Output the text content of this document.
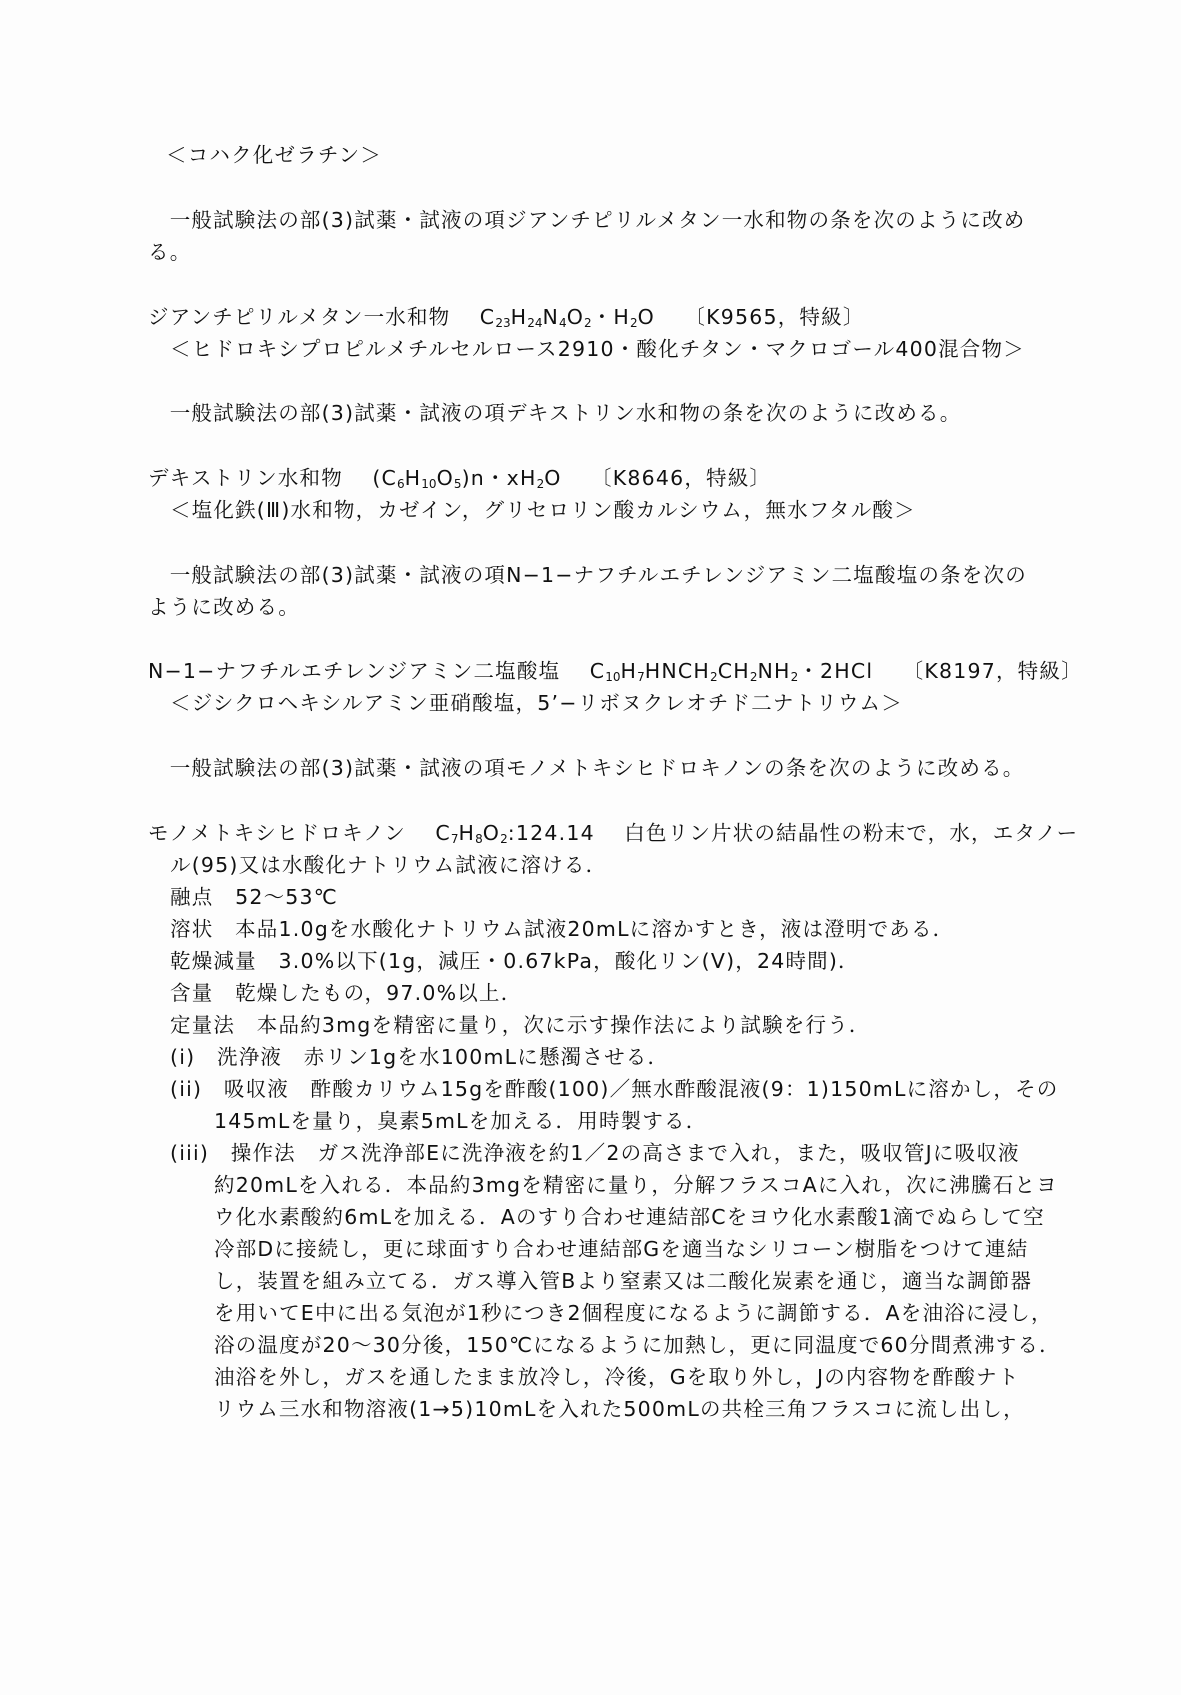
＜コハク化ゼラチン＞
　一般試験法の部(3)試薬・試液の項ジアンチピリルメタン一水和物の条を次のように改め
る。
ジアンチピリルメタン一水和物　 $C_{23}H_{24}N_4O_2$・$H_2O$　 〔K9565，特級〕
＜ヒドロキシプロピルメチルセルロース2910・酸化チタン・マクロゴール400混合物＞
　一般試験法の部(3)試薬・試液の項デキストリン水和物の条を次のように改める。
デキストリン水和物　 $(C_6H_{10}O_5)n$・$xH_2O$　 〔K8646，特級〕
＜塩化鉄(Ⅲ)水和物，カゼイン，グリセロリン酸カルシウム，無水フタル酸＞
　一般試験法の部(3)試薬・試液の項N−1−ナフチルエチレンジアミン二塩酸塩の条を次の
ように改める。
N−1−ナフチルエチレンジアミン二塩酸塩　 $C_{10}H_7HNCH_2CH_2NH_2$・2HCl　 〔K8197，特級〕
＜ジシクロヘキシルアミン亜硝酸塩，5’−リボヌクレオチド二ナトリウム＞
　一般試験法の部(3)試薬・試液の項モノメトキシヒドロキノンの条を次のように改める。
モノメトキシヒドロキノン　 $C_7H_8O_2:124.14$　 白色リン片状の結晶性の粉末で，水，エタノー
ル(95)又は水酸化ナトリウム試液に溶ける．
融点　52〜53℃
溶状　本品1.0gを水酸化ナトリウム試液20mLに溶かすとき，液は澄明である．
乾燥減量　3.0%以下(1g，減圧・0.67kPa，酸化リン(Ⅴ)，24時間)．
含量　乾燥したもの，97.0%以上．
定量法　本品約3mgを精密に量り，次に示す操作法により試験を行う．
(i)　洗浄液　赤リン1gを水100mLに懸濁させる．
(ii)　吸収液　酢酸カリウム15gを酢酸(100)／無水酢酸混液(9：1)150mLに溶かし，その
145mLを量り，臭素5mLを加える．用時製する．
(iii)　操作法　ガス洗浄部Eに洗浄液を約1／2の高さまで入れ，また，吸収管Jに吸収液
約20mLを入れる．本品約3mgを精密に量り，分解フラスコAに入れ，次に沸騰石とヨ
ウ化水素酸約6mLを加える．Aのすり合わせ連結部Cをヨウ化水素酸1滴でぬらして空
冷部Dに接続し，更に球面すり合わせ連結部Gを適当なシリコーン樹脂をつけて連結
し，装置を組み立てる．ガス導入管Bより窒素又は二酸化炭素を通じ，適当な調節器
を用いてE中に出る気泡が1秒につき2個程度になるように調節する．Aを油浴に浸し，
浴の温度が20〜30分後，150℃になるように加熱し，更に同温度で60分間煮沸する．
油浴を外し，ガスを通したまま放冷し，冷後，Gを取り外し，Jの内容物を酢酸ナト
リウム三水和物溶液(1→5)10mLを入れた500mLの共栓三角フラスコに流し出し，
